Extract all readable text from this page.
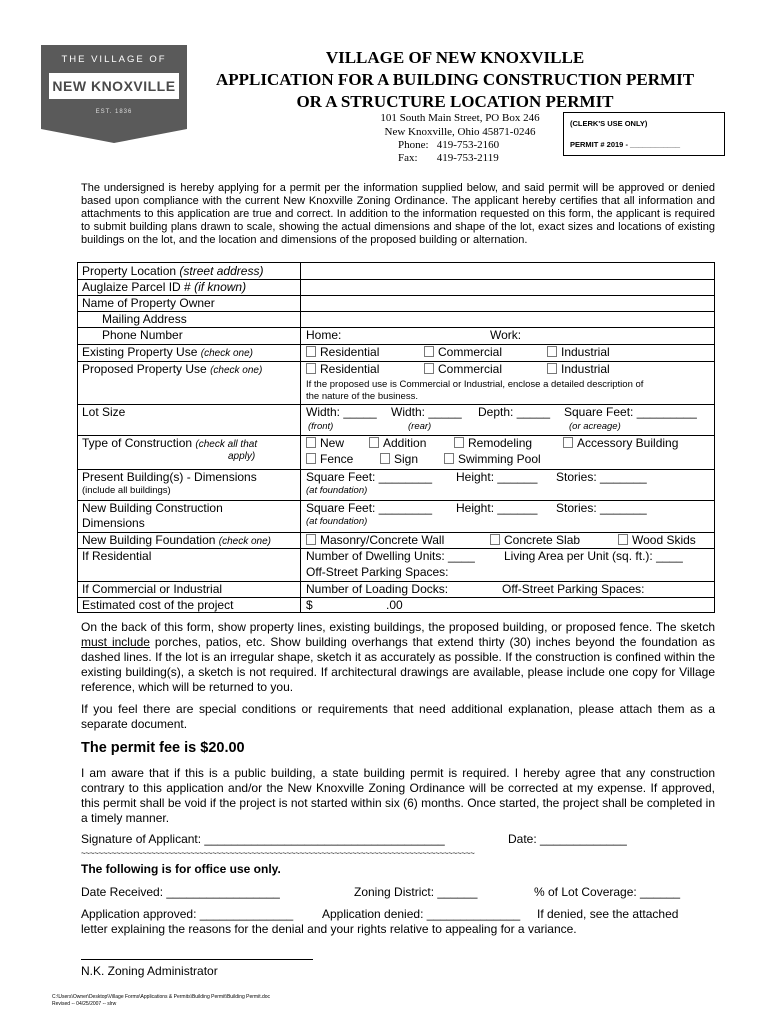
THE VILLAGE OF
NEW KNOXVILLE
EST. 1836
VILLAGE OF NEW KNOXVILLE
APPLICATION FOR A BUILDING CONSTRUCTION PERMIT
OR A STRUCTURE LOCATION PERMIT
101 South Main Street, PO Box 246
New Knoxville, Ohio 45871-0246
Phone:   419-753-2160
Fax:       419-753-2119
(CLERK'S USE ONLY)
PERMIT # 2019 - ____________
The undersigned is hereby applying for a permit per the information supplied below, and said permit will be approved or denied based upon compliance with the current New Knoxville Zoning Ordinance. The applicant hereby certifies that all information and attachments to this application are true and correct. In addition to the information requested on this form, the applicant is required to submit building plans drawn to scale, showing the actual dimensions and shape of the lot, exact sizes and locations of existing buildings on the lot, and the location and dimensions of the proposed building or alternation.
Property Location (street address)
Auglaize Parcel ID # (if known)
Name of Property Owner
Mailing Address
Phone Number	Home:	Work:
Existing Property Use (check one)	Residential	Commercial	Industrial
Proposed Property Use (check one)	Residential	Commercial	Industrial
If the proposed use is Commercial or Industrial, enclose a detailed description of
the nature of the business.
Lot Size	Width: _____ Width: _____ Depth: _____ Square Feet: _________
(front)	(rear)	(or acreage)
Type of Construction (check all that
apply)
New	Addition	Remodeling	Accessory Building
Fence	Sign	Swimming Pool
Present Building(s) - Dimensions
(include all buildings)
Square Feet: ________ Height: ______ Stories: _______
(at foundation)
New Building Construction
Dimensions
Square Feet: ________ Height: ______ Stories: _______
(at foundation)
New Building Foundation (check one)	Masonry/Concrete Wall	Concrete Slab	Wood Skids
If Residential	Number of Dwelling Units: ____ Living Area per Unit (sq. ft.): ____
Off-Street Parking Spaces:
If Commercial or Industrial	Number of Loading Docks:	Off-Street Parking Spaces:
Estimated cost of the project	$	.00
On the back of this form, show property lines, existing buildings, the proposed building, or proposed fence. The sketch must include porches, patios, etc. Show building overhangs that extend thirty (30) inches beyond the foundation as dashed lines. If the lot is an irregular shape, sketch it as accurately as possible. If the construction is confined within the existing building(s), a sketch is not required. If architectural drawings are available, please include one copy for Village reference, which will be returned to you.
If you feel there are special conditions or requirements that need additional explanation, please attach them as a separate document.
The permit fee is $20.00
I am aware that if this is a public building, a state building permit is required. I hereby agree that any construction contrary to this application and/or the New Knoxville Zoning Ordinance will be corrected at my expense. If approved, this permit shall be void if the project is not started within six (6) months. Once started, the project shall be completed in a timely manner.
Signature of Applicant: ____________________________________	Date: _____________
~~~~~~~~~~~~~~~~~~~~~~~~~~~~~~~~~~~~~~~~~~~~~~~~~~~~~~~~~~~~~~~~~~~~~~~~~~~~~~~~~~~~~~~~~~
The following is for office use only.
Date Received: _________________	Zoning District: ______	% of Lot Coverage: ______
Application approved: ______________ Application denied: ______________ If denied, see the attached
letter explaining the reasons for the denial and your rights relative to appealing for a variance.
N.K. Zoning Administrator
C:\Users\Owner\Desktop\Village Forms\Applications & Permits\Building Permit\Building Permit.doc
Revised -- 04/25/2007 -- slrw
